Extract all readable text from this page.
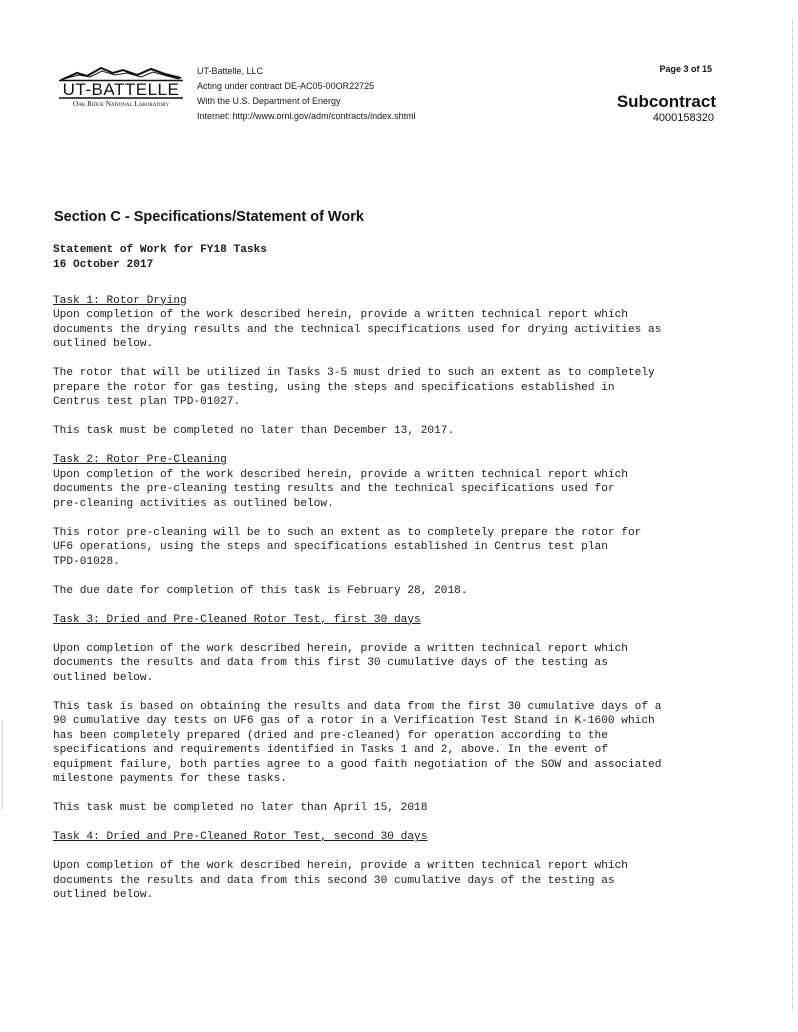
UT-BATTELLE
Oak Ridge National Laboratory
UT-Battelle, LLC
Acting under contract DE-AC05-00OR22725
With the U.S. Department of Energy
Internet: http://www.ornl.gov/adm/contracts/index.shtml
Page 3 of 15
Subcontract
4000158320
Section C - Specifications/Statement of Work

Statement of Work for FY18 Tasks

16 October 2017

Task 1: Rotor Drying

Upon completion of the work described herein, provide a written technical report which

documents the drying results and the technical specifications used for drying activities as

outlined below.

The rotor that will be utilized in Tasks 3-5 must dried to such an extent as to completely

prepare the rotor for gas testing, using the steps and specifications established in

Centrus test plan TPD-01027.

This task must be completed no later than December 13, 2017.

Task 2: Rotor Pre-Cleaning

Upon completion of the work described herein, provide a written technical report which

documents the pre-cleaning testing results and the technical specifications used for

pre-cleaning activities as outlined below.

This rotor pre-cleaning will be to such an extent as to completely prepare the rotor for

UF6 operations, using the steps and specifications established in Centrus test plan

TPD-01028.

The due date for completion of this task is February 28, 2018.

Task 3: Dried and Pre-Cleaned Rotor Test, first 30 days

Upon completion of the work described herein, provide a written technical report which

documents the results and data from this first 30 cumulative days of the testing as

outlined below.

This task is based on obtaining the results and data from the first 30 cumulative days of a

90 cumulative day tests on UF6 gas of a rotor in a Verification Test Stand in K-1600 which

has been completely prepared (dried and pre-cleaned) for operation according to the

specifications and requirements identified in Tasks 1 and 2, above. In the event of

equipment failure, both parties agree to a good faith negotiation of the SOW and associated

milestone payments for these tasks.

This task must be completed no later than April 15, 2018

Task 4: Dried and Pre-Cleaned Rotor Test, second 30 days

Upon completion of the work described herein, provide a written technical report which

documents the results and data from this second 30 cumulative days of the testing as

outlined below.
